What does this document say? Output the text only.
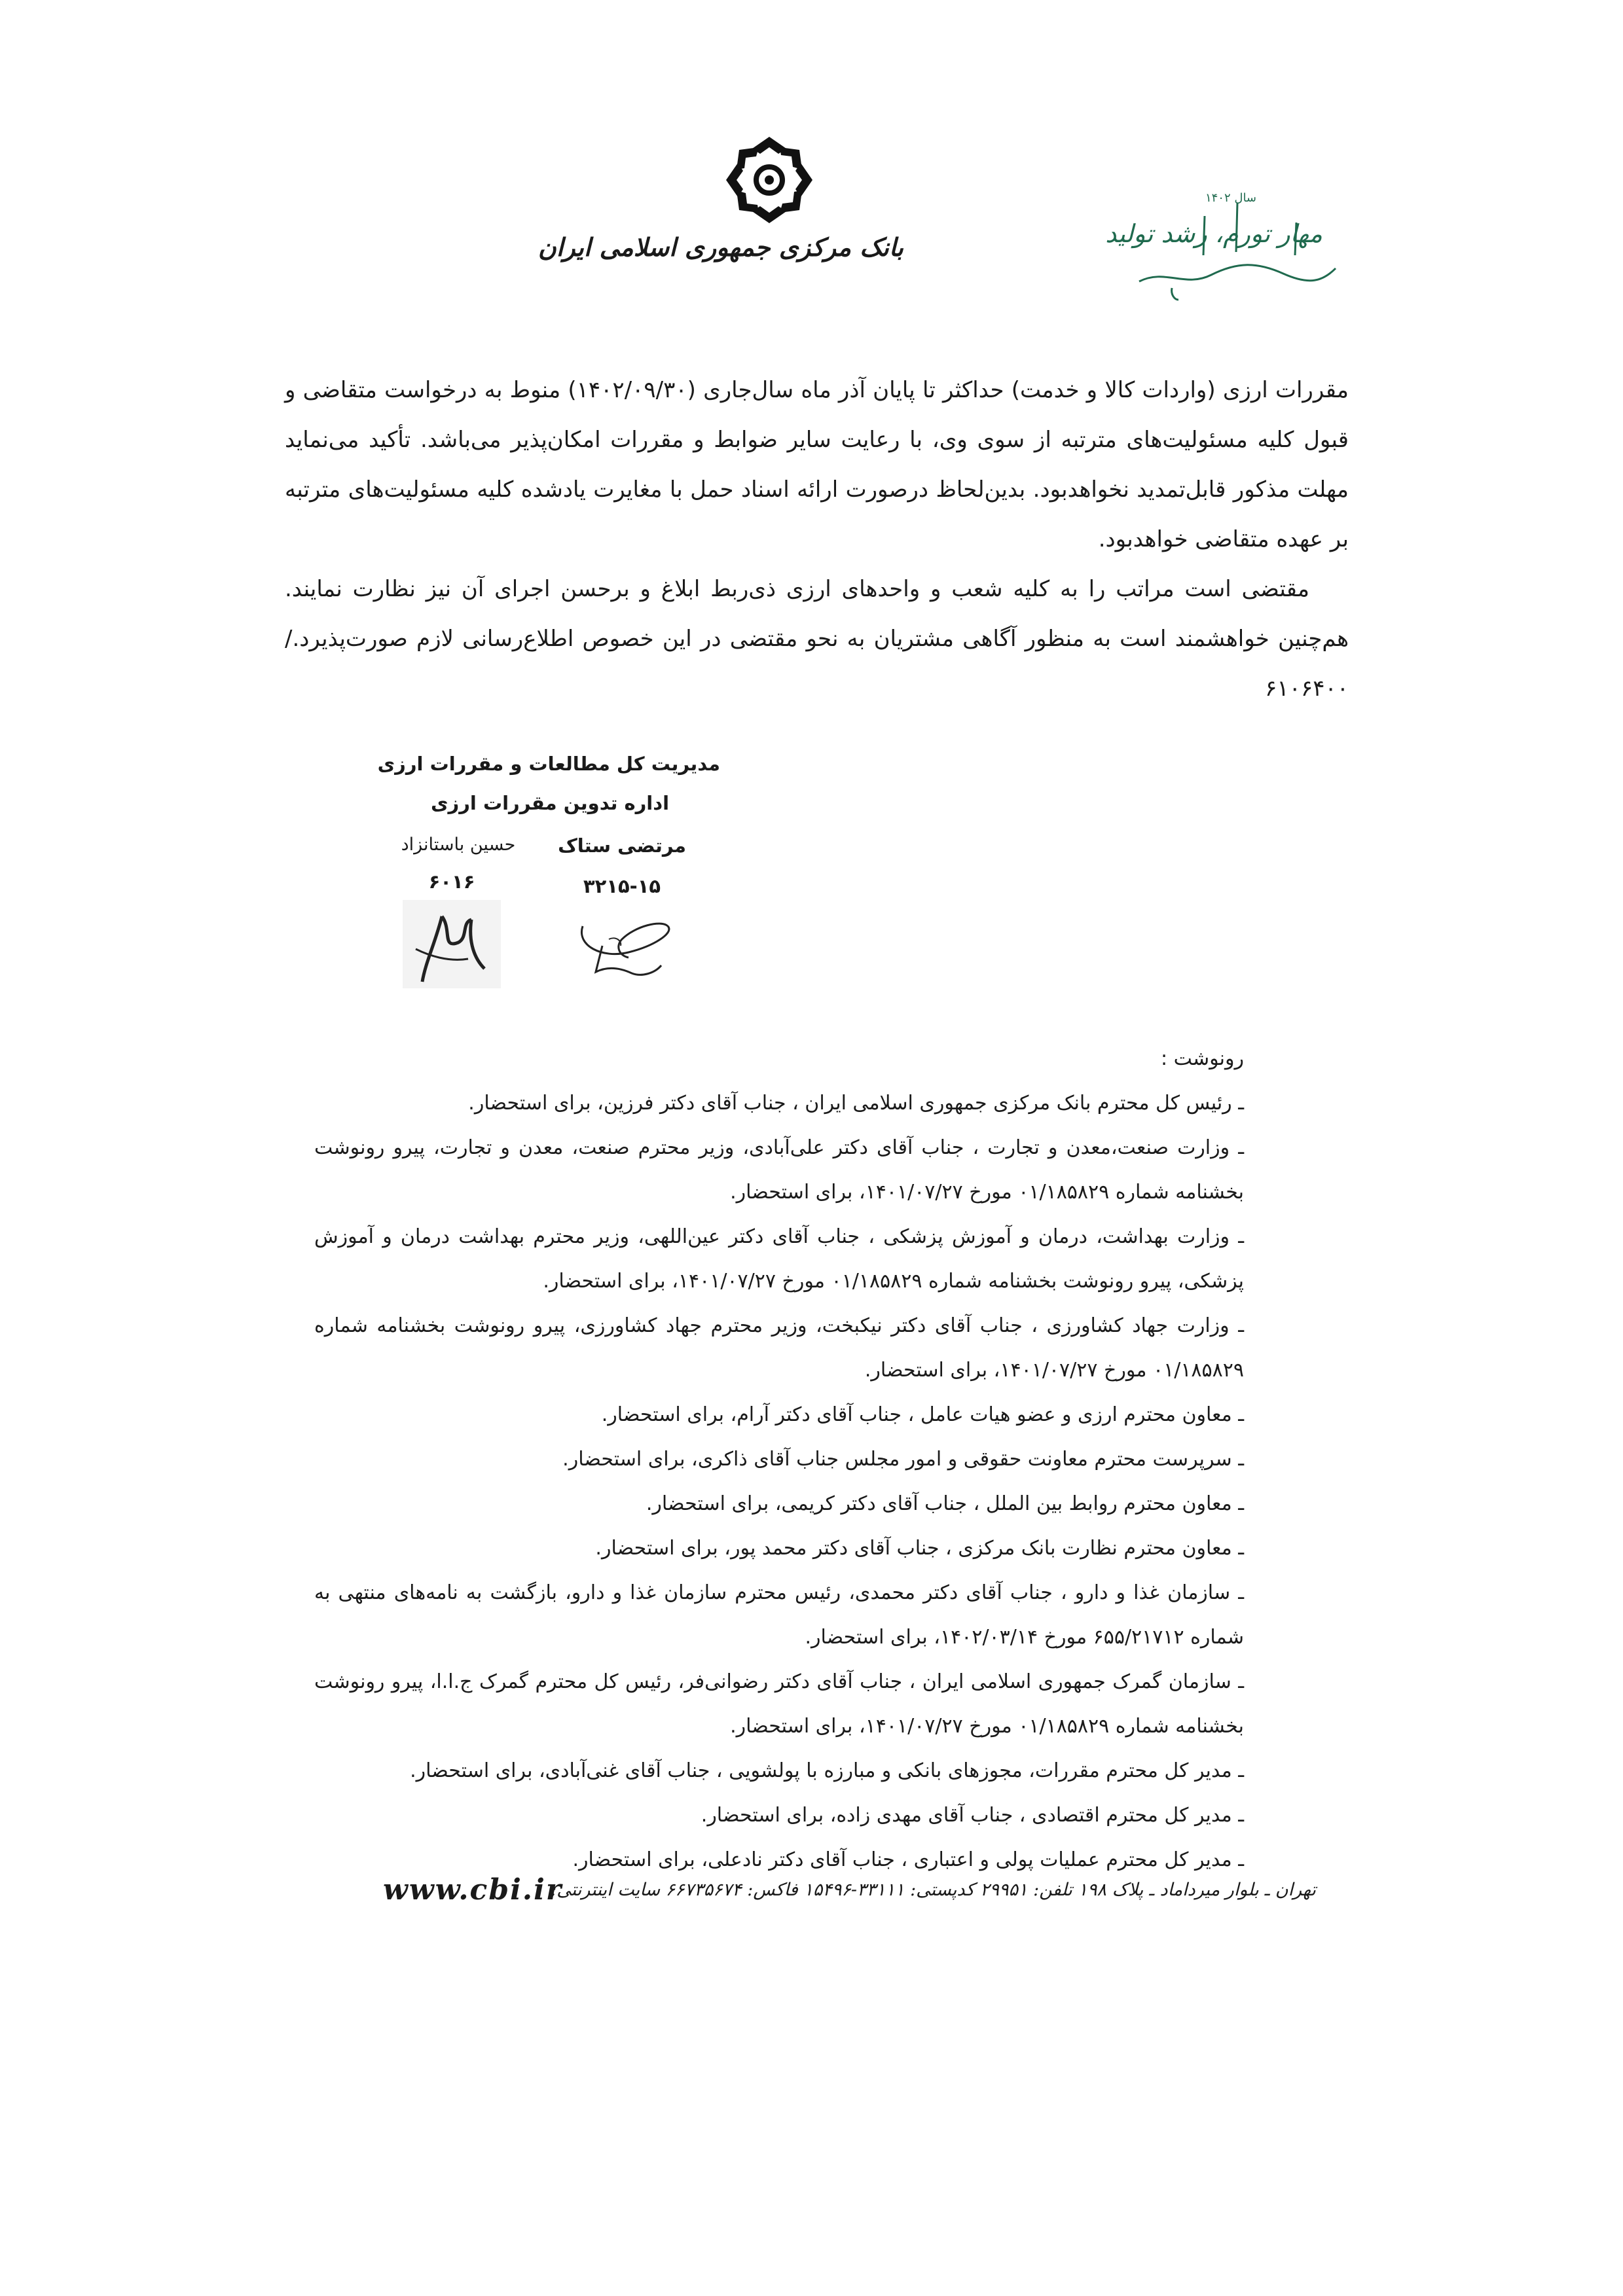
بانک مرکزی جمهوری اسلامی ایران
سال ۱۴۰۲
مهار تورم، رشد تولید

مقررات ارزی (واردات کالا و خدمت) حداکثر تا پایان آذر ماه سال‌جاری (۱۴۰۲/۰۹/۳۰) منوط به درخواست متقاضی و قبول کلیه مسئولیت‌های مترتبه از سوی وی، با رعایت سایر ضوابط و مقررات امکان‌پذیر می‌باشد. تأکید می‌نماید مهلت مذکور قابل‌تمدید نخواهدبود. بدین‌لحاظ درصورت ارائه اسناد حمل با مغایرت یادشده کلیه مسئولیت‌های مترتبه بر عهده متقاضی خواهدبود.

مقتضی است مراتب را به کلیه شعب و واحدهای ارزی ذی‌ربط ابلاغ و برحسن اجرای آن نیز نظارت نمایند. هم‌چنین خواهشمند است به منظور آگاهی مشتریان به نحو مقتضی در این خصوص اطلاع‌رسانی لازم صورت‌پذیرد./۶۱۰۶۴۰۰

مدیریت کل مطالعات و مقررات ارزی
اداره تدوین مقررات ارزی
مرتضی ستاک
حسین باستانزاد
۳۲۱۵-۱۵
۶۰۱۶
رونوشت :
ـ رئیس کل محترم بانک مرکزی جمهوری اسلامی ایران ، جناب آقای دکتر فرزین، برای استحضار.
ـ وزارت صنعت،معدن و تجارت ، جناب آقای دکتر علی‌آبادی، وزیر محترم صنعت، معدن و تجارت، پیرو رونوشت بخشنامه شماره ۰۱/۱۸۵۸۲۹ مورخ ۱۴۰۱/۰۷/۲۷، برای استحضار.
ـ وزارت بهداشت، درمان و آموزش پزشکی ، جناب آقای دکتر عین‌اللهی، وزیر محترم بهداشت درمان و آموزش پزشکی، پیرو رونوشت بخشنامه شماره ۰۱/۱۸۵۸۲۹ مورخ ۱۴۰۱/۰۷/۲۷، برای استحضار.
ـ وزارت جهاد کشاورزی ، جناب آقای دکتر نیکبخت، وزیر محترم جهاد کشاورزی، پیرو رونوشت بخشنامه شماره ۰۱/۱۸۵۸۲۹ مورخ ۱۴۰۱/۰۷/۲۷، برای استحضار.
ـ معاون محترم ارزی و عضو هیات عامل ، جناب آقای دکتر آرام، برای استحضار.
ـ سرپرست محترم معاونت حقوقی و امور مجلس جناب آقای ذاکری، برای استحضار.
ـ معاون محترم روابط بین الملل ، جناب آقای دکتر کریمی، برای استحضار.
ـ معاون محترم نظارت بانک مرکزی ، جناب آقای دکتر محمد پور، برای استحضار.
ـ سازمان غذا و دارو ، جناب آقای دکتر محمدی، رئیس محترم سازمان غذا و دارو، بازگشت به نامه‌های منتهی به شماره ۶۵۵/۲۱۷۱۲ مورخ ۱۴۰۲/۰۳/۱۴، برای استحضار.
ـ سازمان گمرک جمهوری اسلامی ایران ، جناب آقای دکتر رضوانی‌فر، رئیس کل محترم گمرک ج.ا.ا، پیرو رونوشت بخشنامه شماره ۰۱/۱۸۵۸۲۹ مورخ ۱۴۰۱/۰۷/۲۷، برای استحضار.
ـ مدیر کل محترم مقررات، مجوزهای بانکی و مبارزه با پولشویی ، جناب آقای غنی‌آبادی، برای استحضار.
ـ مدیر کل محترم اقتصادی ، جناب آقای مهدی زاده، برای استحضار.
ـ مدیر کل محترم عملیات پولی و اعتباری ، جناب آقای دکتر نادعلی، برای استحضار.
تهران ـ بلوار میرداماد ـ پلاک ۱۹۸ تلفن: ۲۹۹۵۱ کدپستی: ۳۳۱۱۱-۱۵۴۹۶ فاکس: ۶۶۷۳۵۶۷۴ سایت اینترنتی:
www.cbi.ir
